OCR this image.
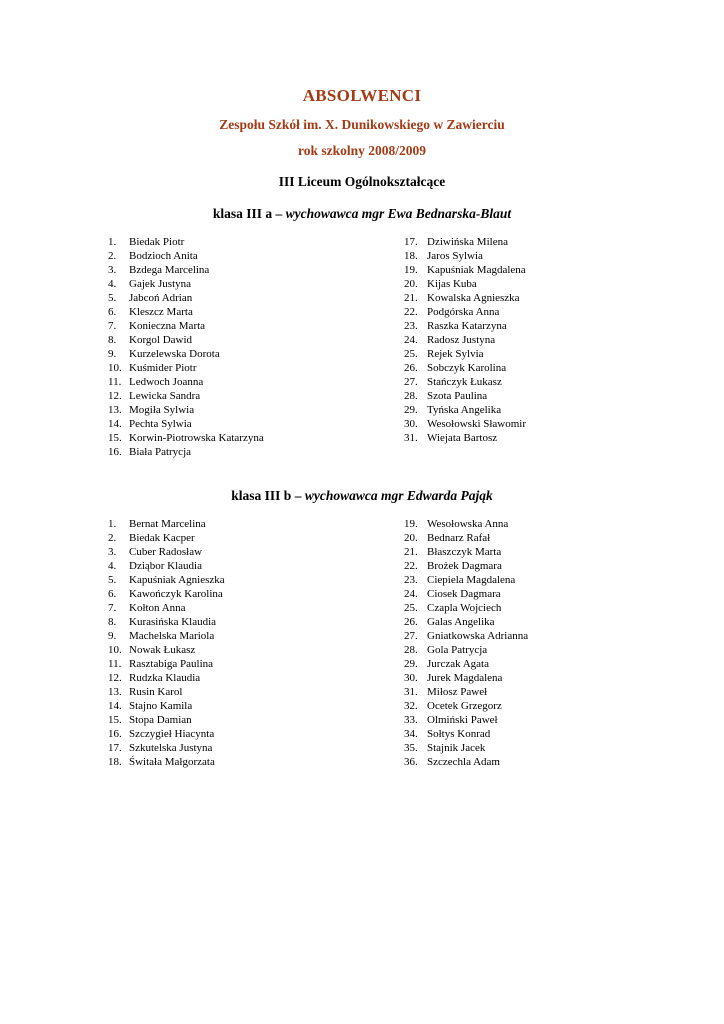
ABSOLWENCI
Zespołu Szkół im. X. Dunikowskiego w Zawierciu
rok szkolny 2008/2009
III Liceum Ogólnokształcące
klasa III a – wychowawca mgr Ewa Bednarska-Blaut
1. Biedak Piotr
2. Bodzioch Anita
3. Bzdega Marcelina
4. Gajek Justyna
5. Jabcoń Adrian
6. Kleszcz Marta
7. Konieczna Marta
8. Korgol Dawid
9. Kurzelewska Dorota
10. Kuśmider Piotr
11. Ledwoch Joanna
12. Lewicka Sandra
13. Mogiła Sylwia
14. Pechta Sylwia
15. Korwin-Piotrowska Katarzyna
16. Biała Patrycja
17. Dziwińska Milena
18. Jaros Sylwia
19. Kapuśniak Magdalena
20. Kijas Kuba
21. Kowalska Agnieszka
22. Podgórska Anna
23. Raszka Katarzyna
24. Radosz Justyna
25. Rejek Sylvia
26. Sobczyk Karolina
27. Stańczyk Łukasz
28. Szota Paulina
29. Tyńska Angelika
30. Wesołowski Sławomir
31. Wiejata Bartosz
klasa III b – wychowawca mgr Edwarda Pająk
1. Bernat Marcelina
2. Biedak Kacper
3. Cuber Radosław
4. Dziąbor Klaudia
5. Kapuśniak Agnieszka
6. Kawończyk Karolina
7. Kołton Anna
8. Kurasińska Klaudia
9. Machelska Mariola
10. Nowak Łukasz
11. Rasztabiga Paulina
12. Rudzka Klaudia
13. Rusin Karol
14. Stajno Kamila
15. Stopa Damian
16. Szczygieł Hiacynta
17. Szkutelska Justyna
18. Świtała Małgorzata
19. Wesołowska Anna
20. Bednarz Rafał
21. Błaszczyk Marta
22. Brożek Dagmara
23. Ciepiela Magdalena
24. Ciosek Dagmara
25. Czapla Wojciech
26. Galas Angelika
27. Gniatkowska Adrianna
28. Gola Patrycja
29. Jurczak Agata
30. Jurek Magdalena
31. Miłosz Paweł
32. Ocetek Grzegorz
33. Olmiński Paweł
34. Sołtys Konrad
35. Stajnik Jacek
36. Szczechla Adam
